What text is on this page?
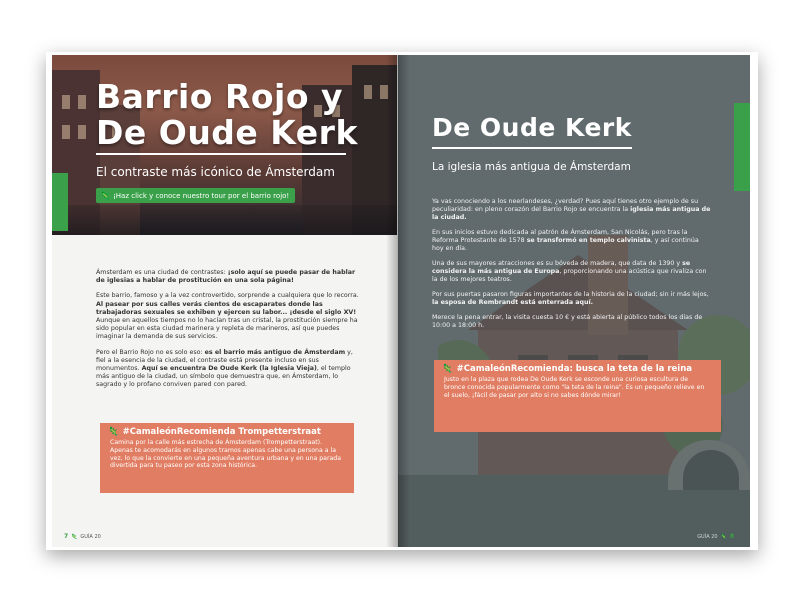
Barrio Rojo y
De Oude Kerk
El contraste más icónico de Ámsterdam
🦎 ¡Haz click y conoce nuestro tour por el barrio rojo!

Ámsterdam es una ciudad de contrastes: ¡solo aquí se puede pasar de hablar de iglesias a hablar de prostitución en una sola página!

Este barrio, famoso y a la vez controvertido, sorprende a cualquiera que lo recorra. Al pasear por sus calles verás cientos de escaparates donde las trabajadoras sexuales se exhiben y ejercen su labor... ¡desde el siglo XV! Aunque en aquellos tiempos no lo hacían tras un cristal, la prostitución siempre ha sido popular en esta ciudad marinera y repleta de marineros, así que puedes imaginar la demanda de sus servicios.

Pero el Barrio Rojo no es solo eso: es el barrio más antiguo de Ámsterdam y, fiel a la esencia de la ciudad, el contraste está presente incluso en sus monumentos. Aquí se encuentra De Oude Kerk (la Iglesia Vieja), el templo más antiguo de la ciudad, un símbolo que demuestra que, en Ámsterdam, lo sagrado y lo profano conviven pared con pared.

🦎 #CamaleónRecomienda Trompetterstraat
Camina por la calle más estrecha de Ámsterdam (Trompetterstraat). Apenas te acomodarás en algunos tramos apenas cabe una persona a la vez, lo que la convierte en una pequeña aventura urbana y en una parada divertida para tu paseo por esta zona histórica.
7 🦎 GUÍA 20
De Oude Kerk
La iglesia más antigua de Ámsterdam

Ya vas conociendo a los neerlandeses, ¿verdad? Pues aquí tienes otro ejemplo de su peculiaridad: en pleno corazón del Barrio Rojo se encuentra la iglesia más antigua de la ciudad.

En sus inicios estuvo dedicada al patrón de Ámsterdam, San Nicolás, pero tras la Reforma Protestante de 1578 se transformó en templo calvinista, y así continúa hoy en día.

Una de sus mayores atracciones es su bóveda de madera, que data de 1390 y se considera la más antigua de Europa, proporcionando una acústica que rivaliza con la de los mejores teatros.

Por sus puertas pasaron figuras importantes de la historia de la ciudad; sin ir más lejos, la esposa de Rembrandt está enterrada aquí.

Merece la pena entrar, la visita cuesta 10 € y está abierta al público todos los días de 10:00 a 18:00 h.

🦎 #CamaleónRecomienda: busca la teta de la reina
Justo en la plaza que rodea De Oude Kerk se esconde una curiosa escultura de bronce conocida popularmente como "la teta de la reina". Es un pequeño relieve en el suelo, ¡fácil de pasar por alto si no sabes dónde mirar!
GUÍA 20 🦎 8
